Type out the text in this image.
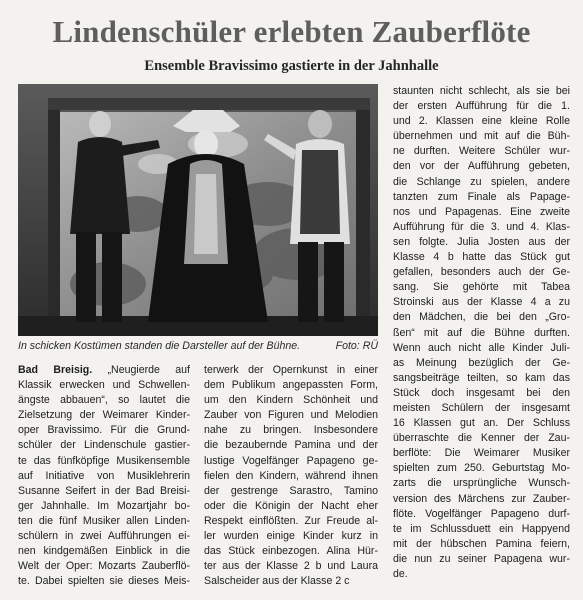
Lindenschüler erlebten Zauberflöte
Ensemble Bravissimo gastierte in der Jahnhalle
In schicken Kostümen standen die Darsteller auf der Bühne.	Foto: RÜ
Bad Breisig. „Neugierde auf
Klassik erwecken und Schwellen-
ängste abbauen“, so lautet die
Zielsetzung der Weimarer Kinder-
oper Bravissimo. Für die Grund-
schüler der Lindenschule gastier-
te das fünfköpfige Musikensemble
auf Initiative von Musiklehrerin
Susanne Seifert in der Bad Breisi-
ger Jahnhalle. Im Mozartjahr bo-
ten die fünf Musiker allen Linden-
schülern in zwei Aufführungen ei-
nen kindgemäßen Einblick in die
Welt der Oper: Mozarts Zauberflö-
te. Dabei spielten sie dieses Meis-
terwerk der Opernkunst in einer
dem Publikum angepassten Form,
um den Kindern Schönheit und
Zauber von Figuren und Melodien
nahe zu bringen. Insbesondere
die bezaubernde Pamina und der
lustige Vogelfänger Papageno ge-
fielen den Kindern, während ihnen
der gestrenge Sarastro, Tamino
oder die Königin der Nacht eher
Respekt einflößten. Zur Freude al-
ler wurden einige Kinder kurz in
das Stück einbezogen. Alina Hür-
ter aus der Klasse 2 b und Laura
Salscheider aus der Klasse 2 c
staunten nicht schlecht, als sie bei
der ersten Aufführung für die 1.
und 2. Klassen eine kleine Rolle
übernehmen und mit auf die Büh-
ne durften. Weitere Schüler wur-
den vor der Aufführung gebeten,
die Schlange zu spielen, andere
tanzten zum Finale als Papage-
nos und Papagenas. Eine zweite
Aufführung für die 3. und 4. Klas-
sen folgte. Julia Josten aus der
Klasse 4 b hatte das Stück gut
gefallen, besonders auch der Ge-
sang. Sie gehörte mit Tabea
Stroinski aus der Klasse 4 a zu
den Mädchen, die bei den „Gro-
ßen“ mit auf die Bühne durften.
Wenn auch nicht alle Kinder Juli-
as Meinung bezüglich der Ge-
sangsbeiträge teilten, so kam das
Stück doch insgesamt bei den
meisten Schülern der insgesamt
16 Klassen gut an. Der Schluss
überraschte die Kenner der Zau-
berflöte: Die Weimarer Musiker
spielten zum 250. Geburtstag Mo-
zarts die ursprüngliche Wunsch-
version des Märchens zur Zauber-
flöte. Vogelfänger Papageno durf-
te im Schlussduett ein Happyend
mit der hübschen Pamina feiern,
die nun zu seiner Papagena wur-
de.
